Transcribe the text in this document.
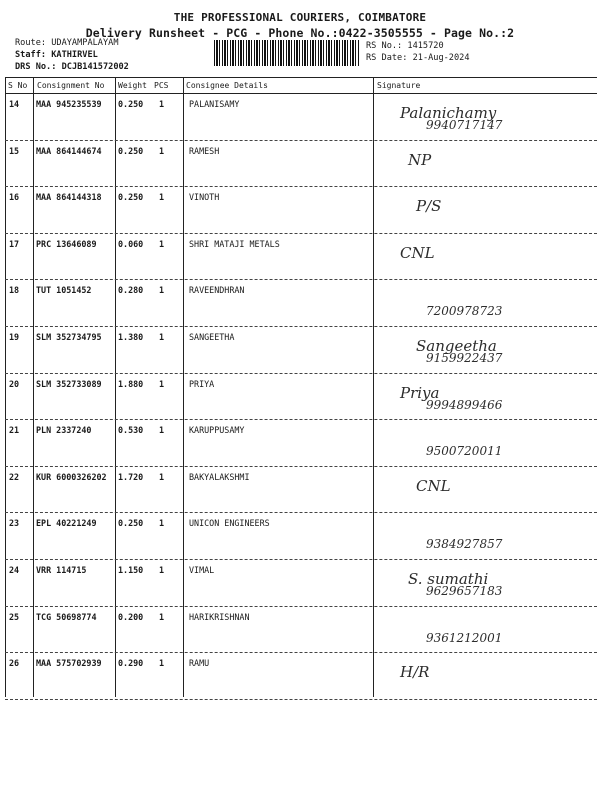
THE PROFESSIONAL COURIERS, COIMBATORE
Delivery Runsheet - PCG - Phone No.:0422-3505555 - Page No.:2
Route: UDAYAMPALAYAM
Staff: KATHIRVEL
DRS No.: DCJB141572002
RS No.: 1415720
RS Date: 21-Aug-2024
S No Consignment No Weight PCS Consignee Details	Signature
14 MAA 945235539 0.250 1	PALANISAMY	Palanichamy
9940717147
15 MAA 864144674 0.250 1	RAMESH	NP
16 MAA 864144318 0.250 1	VINOTH	P/S
17 PRC 13646089	0.060 1	SHRI MATAJI METALS	CNL
18 TUT 1051452	0.280 1	RAVEENDHRAN
7200978723
19 SLM 352734795 1.380 1	SANGEETHA	Sangeetha
9159922437
20 SLM 352733089 1.880 1	PRIYA	Priya
9994899466
21 PLN 2337240	0.530 1	KARUPPUSAMY
9500720011
22 KUR 6000326202 1.720 1	BAKYALAKSHMI	CNL
23 EPL 40221249	0.250 1	UNICON ENGINEERS
9384927857
24 VRR 114715	1.150 1	VIMAL	S. sumathi
9629657183
25 TCG 50698774	0.200 1	HARIKRISHNAN
9361212001
26 MAA 575702939 0.290 1	RAMU	H/R
